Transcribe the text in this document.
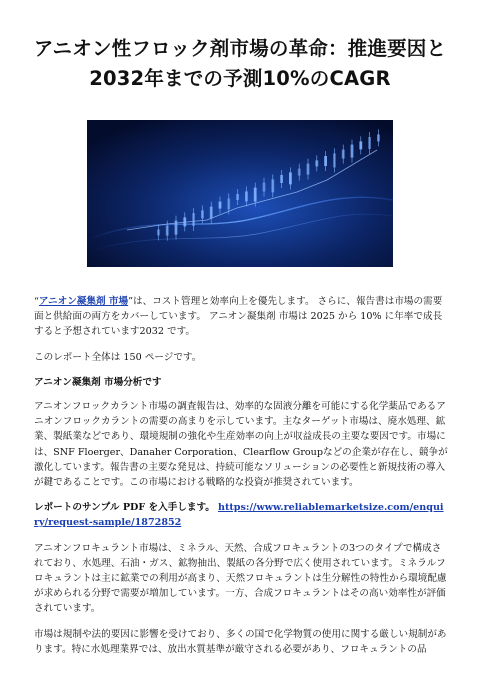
アニオン性フロック剤市場の革命：推進要因と
2032年までの予測10%のCAGR

“アニオン凝集剤 市場”は、コスト管理と効率向上を優先します。 さらに、報告書は市場の需要面と供給面の両方をカバーしています。 アニオン凝集剤 市場は 2025 から 10% に年率で成長すると予想されています2032 です。

このレポート全体は 150 ページです。

アニオン凝集剤 市場分析です

アニオンフロックカラント市場の調査報告は、効率的な固液分離を可能にする化学薬品であるアニオンフロックカラントの需要の高まりを示しています。主なターゲット市場は、廃水処理、鉱業、製紙業などであり、環境規制の強化や生産効率の向上が収益成長の主要な要因です。市場には、SNF Floerger、Danaher Corporation、Clearflow Groupなどの企業が存在し、競争が激化しています。報告書の主要な発見は、持続可能なソリューションの必要性と新規技術の導入が鍵であることです。この市場における戦略的な投資が推奨されています。

レポートのサンプル PDF を入手します。 https://www.reliablemarketsize.com/enquiry/request-sample/1872852

アニオンフロキュラント市場は、ミネラル、天然、合成フロキュラントの3つのタイプで構成されており、水処理、石油・ガス、鉱物抽出、製紙の各分野で広く使用されています。ミネラルフロキュラントは主に鉱業での利用が高まり、天然フロキュラントは生分解性の特性から環境配慮が求められる分野で需要が増加しています。一方、合成フロキュラントはその高い効率性が評価されています。

市場は規制や法的要因に影響を受けており、多くの国で化学物質の使用に関する厳しい規制があります。特に水処理業界では、放出水質基準が厳守される必要があり、フロキュラントの品
